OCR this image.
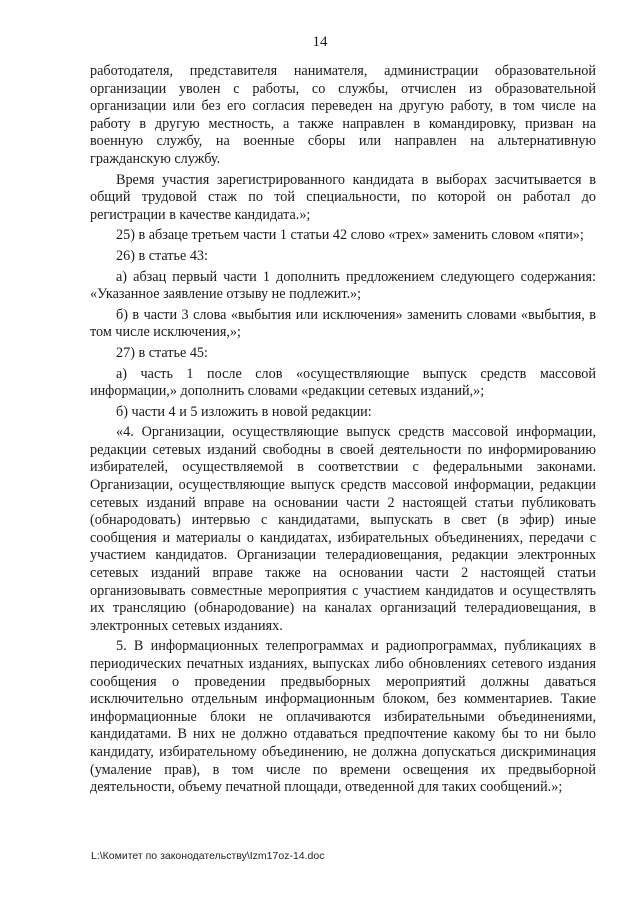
14

работодателя, представителя нанимателя, администрации образовательной организации уволен с работы, со службы, отчислен из образовательной организации или без его согласия переведен на другую работу, в том числе на работу в другую местность, а также направлен в командировку, призван на военную службу, на военные сборы или направлен на альтернативную гражданскую службу.

Время участия зарегистрированного кандидата в выборах засчитывается в общий трудовой стаж по той специальности, по которой он работал до регистрации в качестве кандидата.»;

25) в абзаце третьем части 1 статьи 42 слово «трех» заменить словом «пяти»;

26) в статье 43:

а) абзац первый части 1 дополнить предложением следующего содержания: «Указанное заявление отзыву не подлежит.»;

б) в части 3 слова «выбытия или исключения» заменить словами «выбытия, в том числе исключения,»;

27) в статье 45:

а) часть 1 после слов «осуществляющие выпуск средств массовой информации,» дополнить словами «редакции сетевых изданий,»;

б) части 4 и 5 изложить в новой редакции:

«4. Организации, осуществляющие выпуск средств массовой информации, редакции сетевых изданий свободны в своей деятельности по информированию избирателей, осуществляемой в соответствии с федеральными законами. Организации, осуществляющие выпуск средств массовой информации, редакции сетевых изданий вправе на основании части 2 настоящей статьи публиковать (обнародовать) интервью с кандидатами, выпускать в свет (в эфир) иные сообщения и материалы о кандидатах, избирательных объединениях, передачи с участием кандидатов. Организации телерадиовещания, редакции электронных сетевых изданий вправе также на основании части 2 настоящей статьи организовывать совместные мероприятия с участием кандидатов и осуществлять их трансляцию (обнародование) на каналах организаций телерадиовещания, в электронных сетевых изданиях.

5. В информационных телепрограммах и радиопрограммах, публикациях в периодических печатных изданиях, выпусках либо обновлениях сетевого издания сообщения о проведении предвыборных мероприятий должны даваться исключительно отдельным информационным блоком, без комментариев. Такие информационные блоки не оплачиваются избирательными объединениями, кандидатами. В них не должно отдаваться предпочтение какому бы то ни было кандидату, избирательному объединению, не должна допускаться дискриминация (умаление прав), в том числе по времени освещения их предвыборной деятельности, объему печатной площади, отведенной для таких сообщений.»;

L:\Комитет по законодательству\Izm17oz-14.doc
